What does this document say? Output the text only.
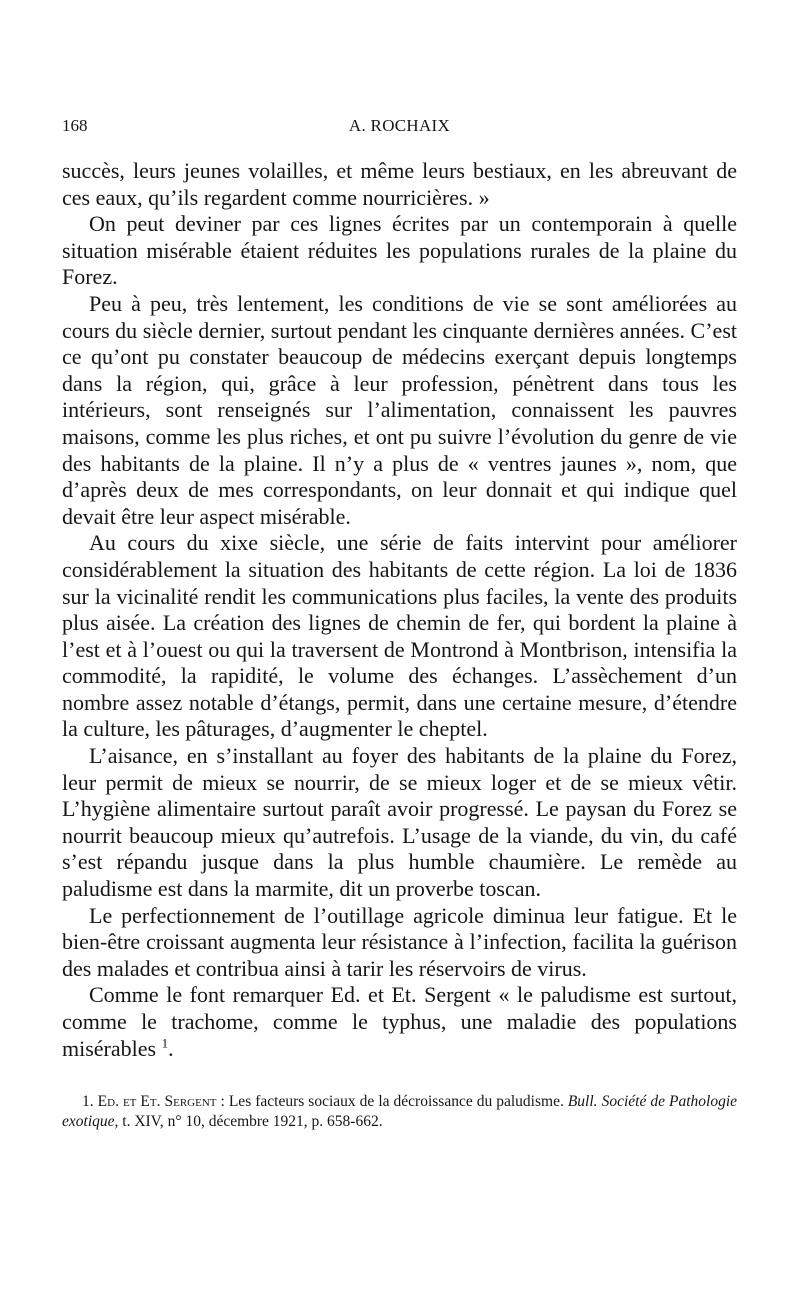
168	A. ROCHAIX

succès, leurs jeunes volailles, et même leurs bestiaux, en les abreuvant de ces eaux, qu’ils regardent comme nourricières. »

On peut deviner par ces lignes écrites par un contemporain à quelle situation misérable étaient réduites les populations rurales de la plaine du Forez.

Peu à peu, très lentement, les conditions de vie se sont améliorées au cours du siècle dernier, surtout pendant les cinquante dernières années. C’est ce qu’ont pu constater beaucoup de médecins exerçant depuis longtemps dans la région, qui, grâce à leur profession, pénètrent dans tous les intérieurs, sont renseignés sur l’alimentation, connaissent les pauvres maisons, comme les plus riches, et ont pu suivre l’évolution du genre de vie des habitants de la plaine. Il n’y a plus de « ventres jaunes », nom, que d’après deux de mes correspondants, on leur donnait et qui indique quel devait être leur aspect misérable.

Au cours du xixe siècle, une série de faits intervint pour améliorer considérablement la situation des habitants de cette région. La loi de 1836 sur la vicinalité rendit les communications plus faciles, la vente des produits plus aisée. La création des lignes de chemin de fer, qui bordent la plaine à l’est et à l’ouest ou qui la traversent de Montrond à Montbrison, intensifia la commodité, la rapidité, le volume des échanges. L’assèchement d’un nombre assez notable d’étangs, permit, dans une certaine mesure, d’étendre la culture, les pâturages, d’augmenter le cheptel.

L’aisance, en s’installant au foyer des habitants de la plaine du Forez, leur permit de mieux se nourrir, de se mieux loger et de se mieux vêtir. L’hygiène alimentaire surtout paraît avoir progressé. Le paysan du Forez se nourrit beaucoup mieux qu’autrefois. L’usage de la viande, du vin, du café s’est répandu jusque dans la plus humble chaumière. Le remède au paludisme est dans la marmite, dit un proverbe toscan.

Le perfectionnement de l’outillage agricole diminua leur fatigue. Et le bien-être croissant augmenta leur résistance à l’infection, facilita la guérison des malades et contribua ainsi à tarir les réservoirs de virus.

Comme le font remarquer Ed. et Et. Sergent « le paludisme est surtout, comme le trachome, comme le typhus, une maladie des populations misérables $^1$.

1. Ed. et Et. Sergent : Les facteurs sociaux de la décroissance du paludisme. Bull. Société de Pathologie exotique, t. XIV, n° 10, décembre 1921, p. 658-662.
